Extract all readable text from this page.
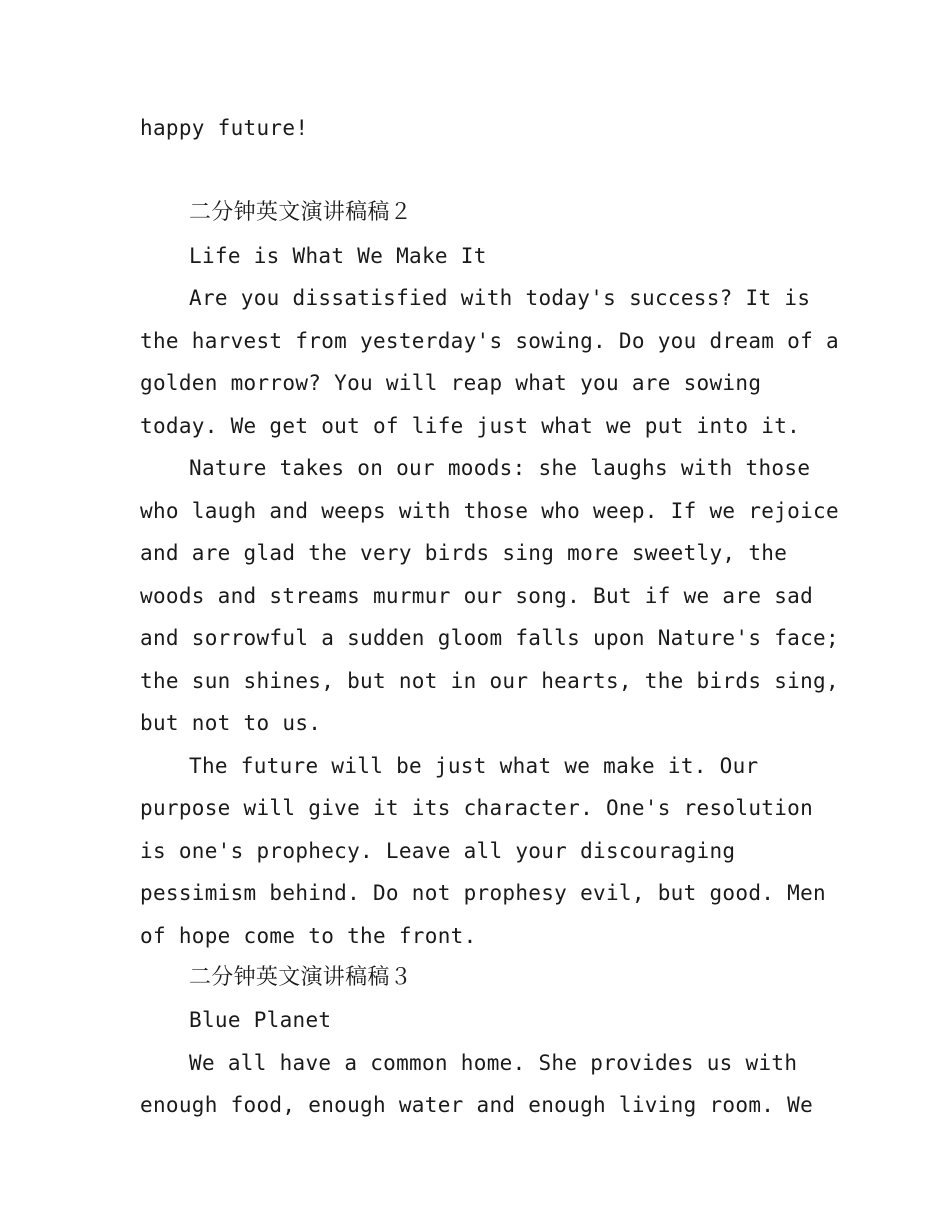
happy future!
二分钟英文演讲稿稿２
Life is What We Make It
Are you dissatisfied with today's success? It is
the harvest from yesterday's sowing. Do you dream of a
golden morrow? You will reap what you are sowing
today. We get out of life just what we put into it.
Nature takes on our moods: she laughs with those
who laugh and weeps with those who weep. If we rejoice
and are glad the very birds sing more sweetly, the
woods and streams murmur our song. But if we are sad
and sorrowful a sudden gloom falls upon Nature's face;
the sun shines, but not in our hearts, the birds sing,
but not to us.
The future will be just what we make it. Our
purpose will give it its character. One's resolution
is one's prophecy. Leave all your discouraging
pessimism behind. Do not prophesy evil, but good. Men
of hope come to the front.
二分钟英文演讲稿稿３
Blue Planet
We all have a common home. She provides us with
enough food, enough water and enough living room. We
